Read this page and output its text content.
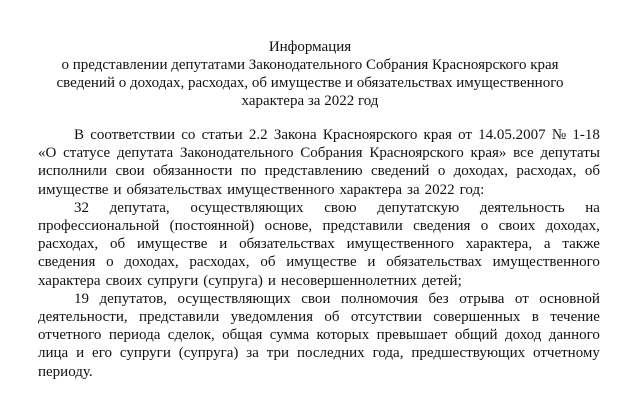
Информация
о представлении депутатами Законодательного Собрания Красноярского края
сведений о доходах, расходах, об имуществе и обязательствах имущественного
характера за 2022 год
В соответствии со статьи 2.2 Закона Красноярского края от 14.05.2007 № 1-18
«О статусе депутата Законодательного Собрания Красноярского края» все депутаты
исполнили свои обязанности по представлению сведений о доходах, расходах, об
имуществе и обязательствах имущественного характера за 2022 год:
32 депутата, осуществляющих свою депутатскую деятельность на
профессиональной (постоянной) основе, представили сведения о своих доходах,
расходах, об имуществе и обязательствах имущественного характера, а также
сведения о доходах, расходах, об имуществе и обязательствах имущественного
характера своих супруги (супруга) и несовершеннолетних детей;
19 депутатов, осуществляющих свои полномочия без отрыва от основной
деятельности, представили уведомления об отсутствии совершенных в течение
отчетного периода сделок, общая сумма которых превышает общий доход данного
лица и его супруги (супруга) за три последних года, предшествующих отчетному
периоду.
